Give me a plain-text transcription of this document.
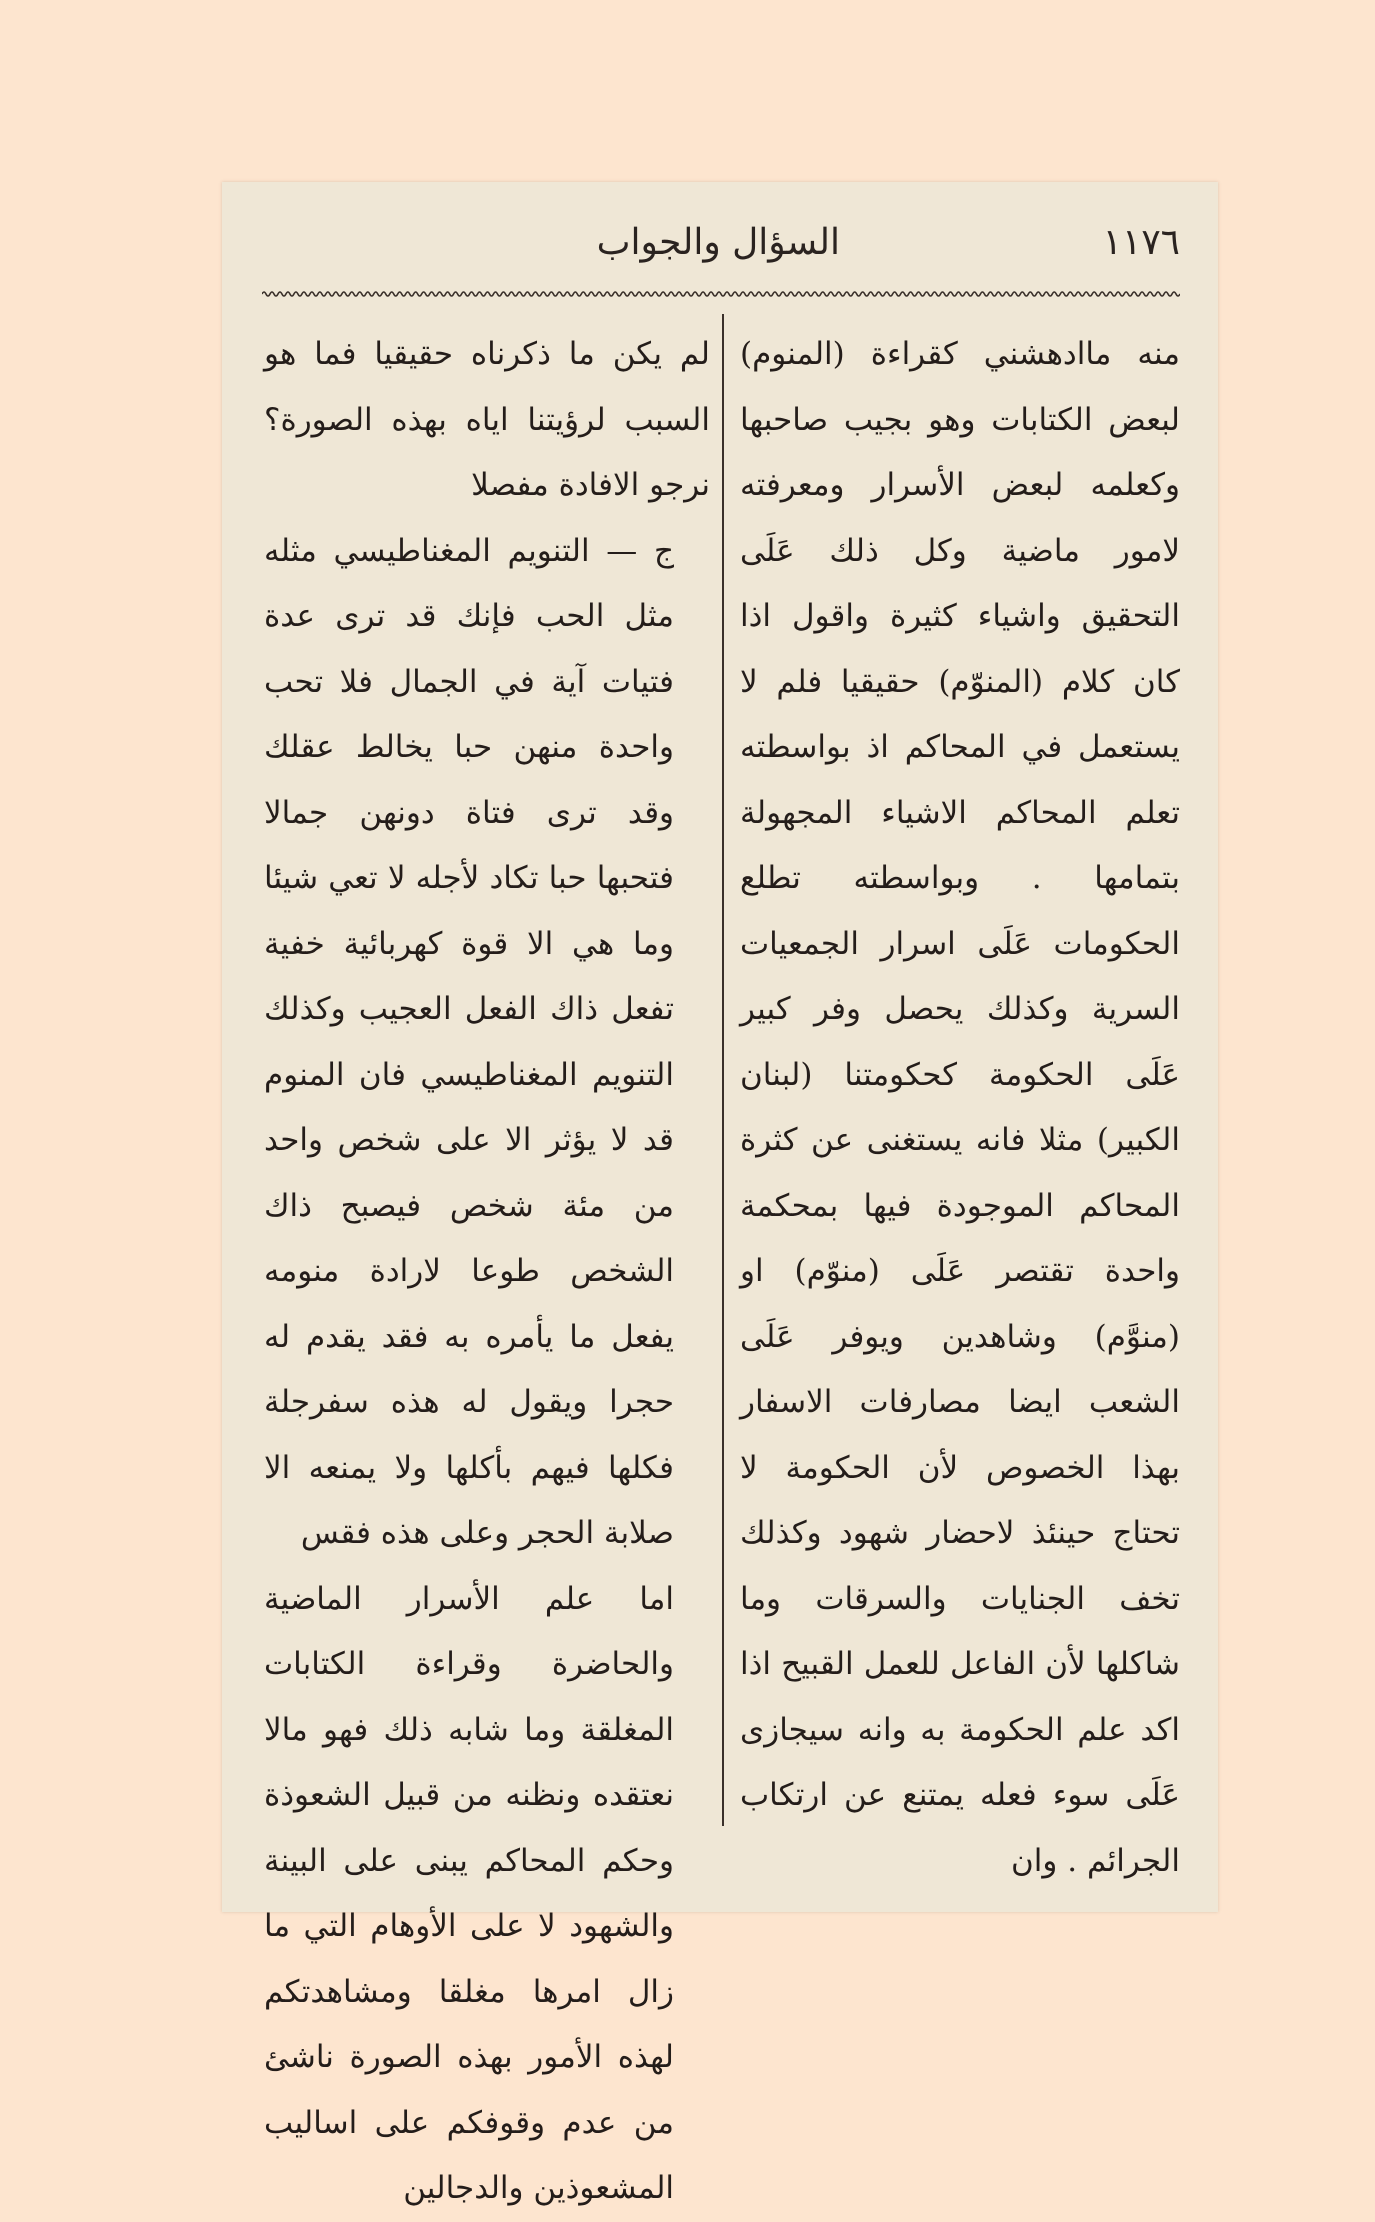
١١٧٦
السؤال والجواب

منه ماادهشني كقراءة (المنوم) لبعض الكتابات وهو بجيب صاحبها وكعلمه لبعض الأسرار ومعرفته لامور ماضية وكل ذلك عَلَى التحقيق واشياء كثيرة واقول اذا كان كلام (المنوّم) حقيقيا فلم لا يستعمل في المحاكم اذ بواسطته تعلم المحاكم الاشياء المجهولة بتمامها . وبواسطته تطلع الحكومات عَلَى اسرار الجمعيات السرية وكذلك يحصل وفر كبير عَلَى الحكومة كحكومتنا (لبنان الكبير) مثلا فانه يستغنى عن كثرة المحاكم الموجودة فيها بمحكمة واحدة تقتصر عَلَى (منوّم) او (منوَّم) وشاهدين ويوفر عَلَى الشعب ايضا مصارفات الاسفار بهذا الخصوص لأن الحكومة لا تحتاج حينئذ لاحضار شهود وكذلك تخف الجنايات والسرقات وما شاكلها لأن الفاعل للعمل القبيح اذا اكد علم الحكومة به وانه سيجازى عَلَى سوء فعله يمتنع عن ارتكاب الجرائم . وان

لم يكن ما ذكرناه حقيقيا فما هو السبب لرؤيتنا اياه بهذه الصورة؟ نرجو الافادة مفصلا

ج — التنويم المغناطيسي مثله مثل الحب فإنك قد ترى عدة فتيات آية في الجمال فلا تحب واحدة منهن حبا يخالط عقلك وقد ترى فتاة دونهن جمالا فتحبها حبا تكاد لأجله لا تعي شيئا وما هي الا قوة كهربائية خفية تفعل ذاك الفعل العجيب وكذلك التنويم المغناطيسي فان المنوم قد لا يؤثر الا على شخص واحد من مئة شخص فيصبح ذاك الشخص طوعا لارادة منومه يفعل ما يأمره به فقد يقدم له حجرا ويقول له هذه سفرجلة فكلها فيهم بأكلها ولا يمنعه الا صلابة الحجر وعلى هذه فقس

اما علم الأسرار الماضية والحاضرة وقراءة الكتابات المغلقة وما شابه ذلك فهو مالا نعتقده ونظنه من قبيل الشعوذة وحكم المحاكم يبنى على البينة والشهود لا على الأوهام التي ما زال امرها مغلقا ومشاهدتكم لهذه الأمور بهذه الصورة ناشئ من عدم وقوفكم على اساليب المشعوذين والدجالين
